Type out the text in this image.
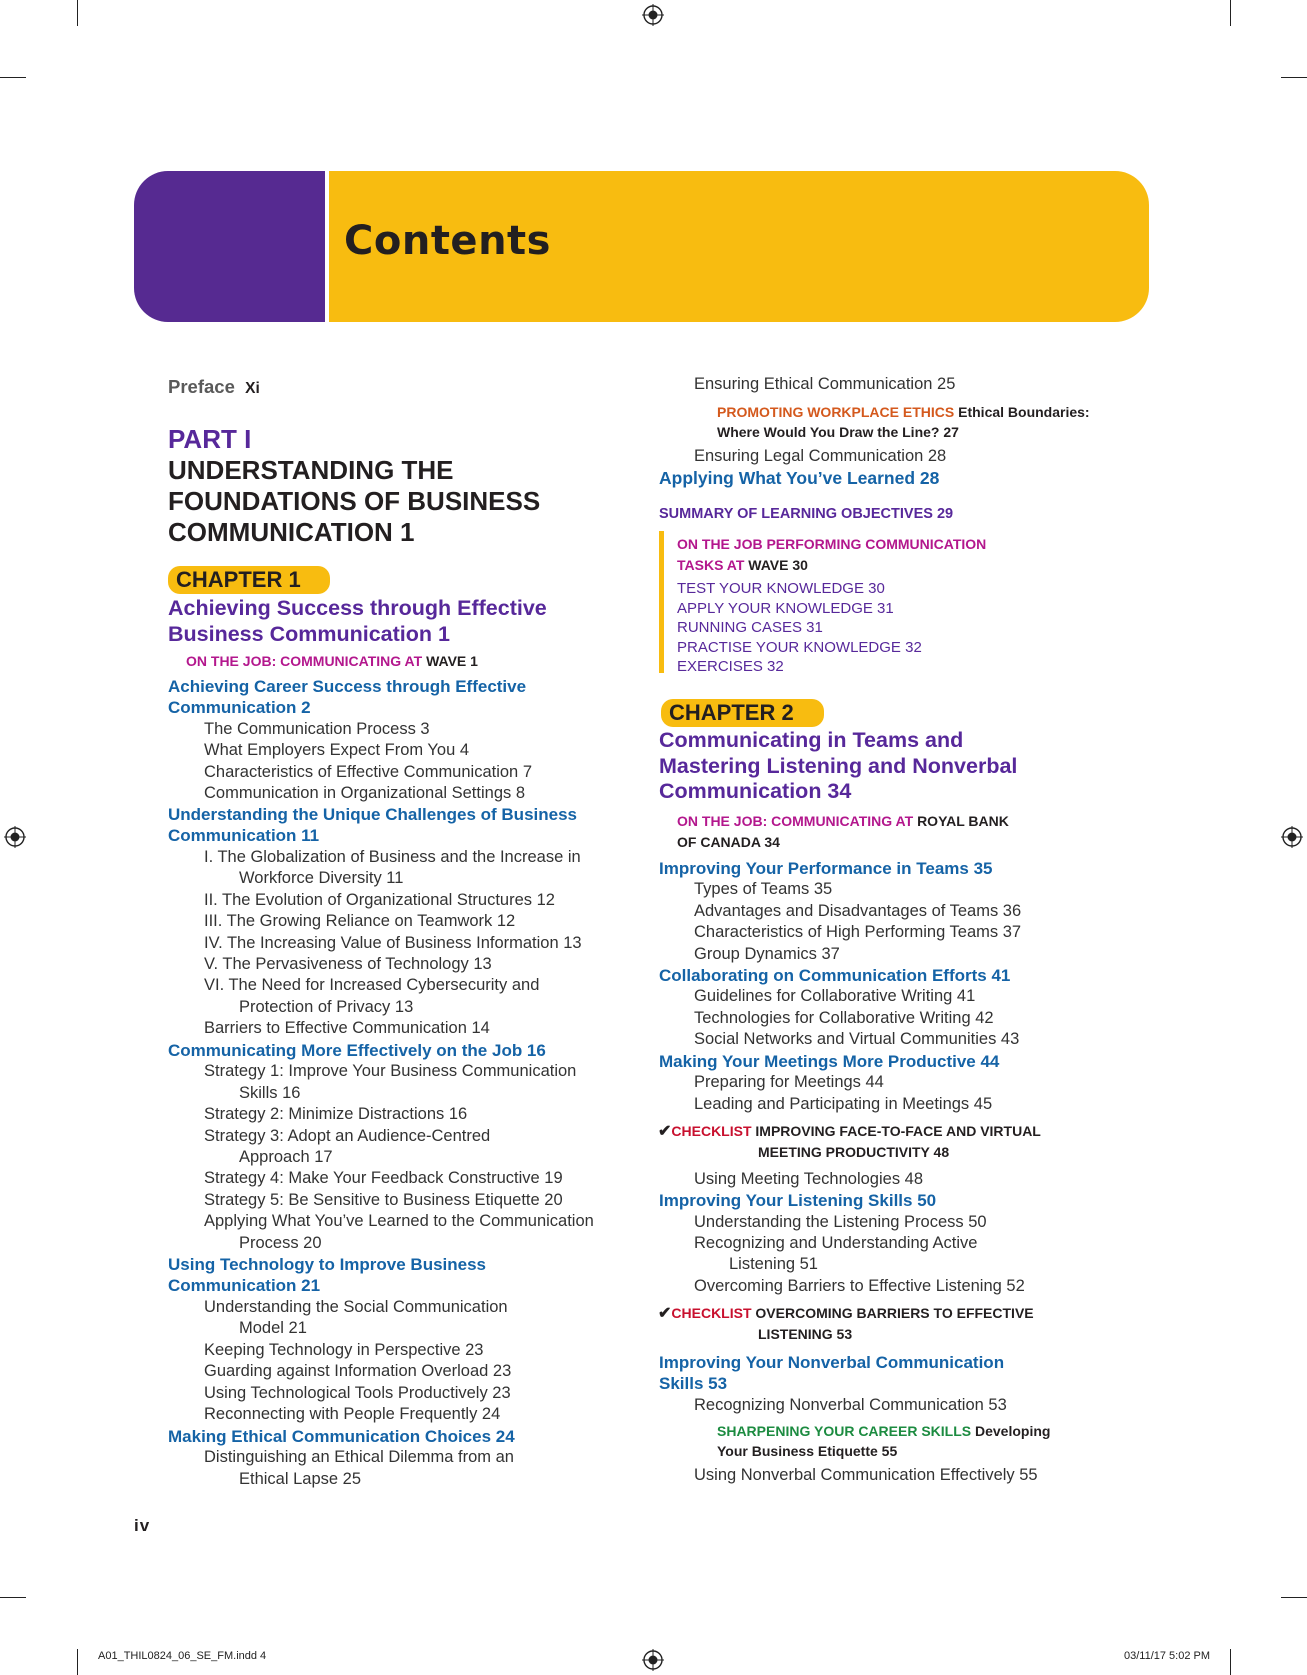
Contents
Preface Xi
PART I
UNDERSTANDING THE
FOUNDATIONS OF BUSINESS
COMMUNICATION 1
CHAPTER 1
Achieving Success through Effective
Business Communication 1
ON THE JOB: COMMUNICATING AT WAVE 1
Achieving Career Success through Effective
Communication 2
The Communication Process 3
What Employers Expect From You 4
Characteristics of Effective Communication 7
Communication in Organizational Settings 8
Understanding the Unique Challenges of Business
Communication 11
I. The Globalization of Business and the Increase in
Workforce Diversity 11
II. The Evolution of Organizational Structures 12
III. The Growing Reliance on Teamwork 12
IV. The Increasing Value of Business Information 13
V. The Pervasiveness of Technology 13
VI. The Need for Increased Cybersecurity and
Protection of Privacy 13
Barriers to Effective Communication 14
Communicating More Effectively on the Job 16
Strategy 1: Improve Your Business Communication
Skills 16
Strategy 2: Minimize Distractions 16
Strategy 3: Adopt an Audience-Centred
Approach 17
Strategy 4: Make Your Feedback Constructive 19
Strategy 5: Be Sensitive to Business Etiquette 20
Applying What You’ve Learned to the Communication
Process 20
Using Technology to Improve Business
Communication 21
Understanding the Social Communication
Model 21
Keeping Technology in Perspective 23
Guarding against Information Overload 23
Using Technological Tools Productively 23
Reconnecting with People Frequently 24
Making Ethical Communication Choices 24
Distinguishing an Ethical Dilemma from an
Ethical Lapse 25
iv
Ensuring Ethical Communication 25
PROMOTING WORKPLACE ETHICS Ethical Boundaries:
Where Would You Draw the Line? 27
Ensuring Legal Communication 28
Applying What You’ve Learned 28
SUMMARY OF LEARNING OBJECTIVES 29
ON THE JOB PERFORMING COMMUNICATION
TASKS AT WAVE 30
TEST YOUR KNOWLEDGE 30
APPLY YOUR KNOWLEDGE 31
RUNNING CASES 31
PRACTISE YOUR KNOWLEDGE 32
EXERCISES 32
CHAPTER 2
Communicating in Teams and
Mastering Listening and Nonverbal
Communication 34
ON THE JOB: COMMUNICATING AT ROYAL BANK
OF CANADA 34
Improving Your Performance in Teams 35
Types of Teams 35
Advantages and Disadvantages of Teams 36
Characteristics of High Performing Teams 37
Group Dynamics 37
Collaborating on Communication Efforts 41
Guidelines for Collaborative Writing 41
Technologies for Collaborative Writing 42
Social Networks and Virtual Communities 43
Making Your Meetings More Productive 44
Preparing for Meetings 44
Leading and Participating in Meetings 45
✔CHECKLIST IMPROVING FACE-TO-FACE AND VIRTUAL
MEETING PRODUCTIVITY 48
Using Meeting Technologies 48
Improving Your Listening Skills 50
Understanding the Listening Process 50
Recognizing and Understanding Active
Listening 51
Overcoming Barriers to Effective Listening 52
✔CHECKLIST OVERCOMING BARRIERS TO EFFECTIVE
LISTENING 53
Improving Your Nonverbal Communication
Skills 53
Recognizing Nonverbal Communication 53
SHARPENING YOUR CAREER SKILLS Developing
Your Business Etiquette 55
Using Nonverbal Communication Effectively 55
A01_THIL0824_06_SE_FM.indd 4	03/11/17 5:02 PM
